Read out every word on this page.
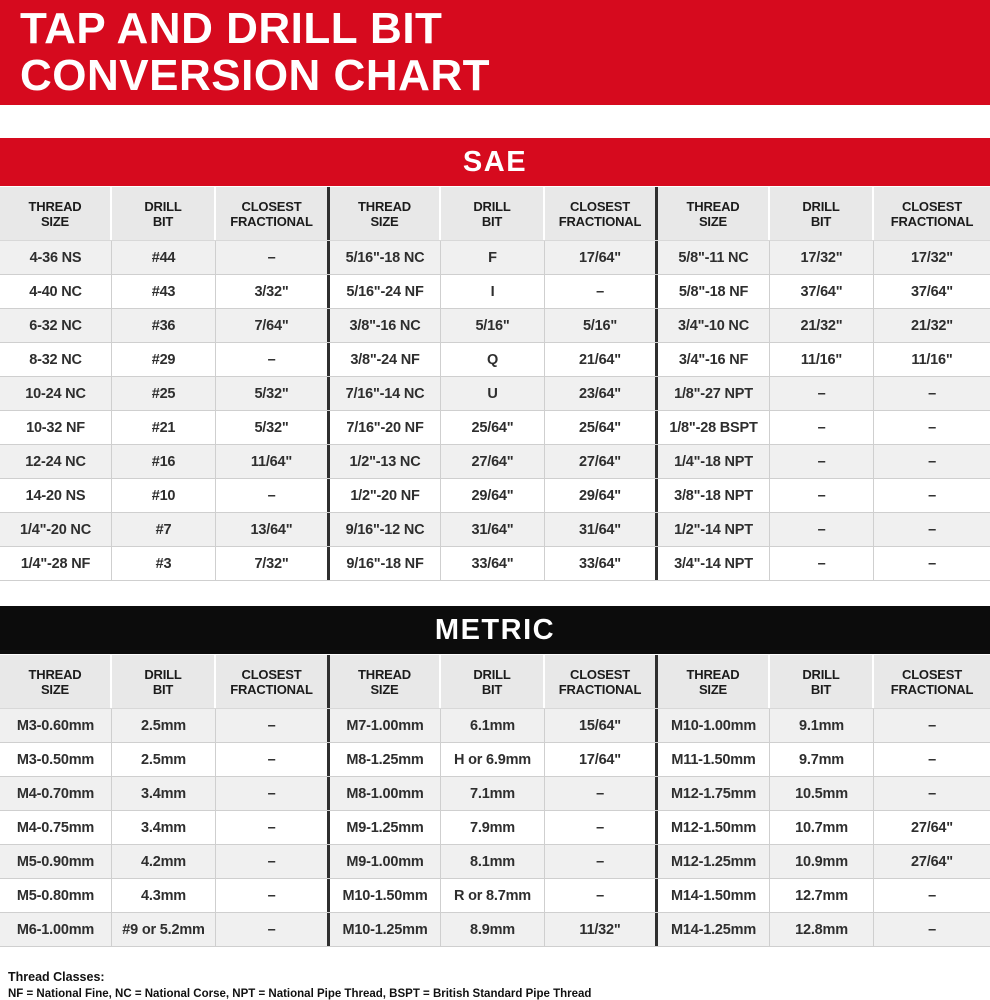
TAP AND DRILL BIT
CONVERSION CHART
SAE
THREAD
SIZE
DRILL
BIT
CLOSEST
FRACTIONAL
THREAD
SIZE
DRILL
BIT
CLOSEST
FRACTIONAL
THREAD
SIZE
DRILL
BIT
CLOSEST
FRACTIONAL
4-36 NS	#44	–	5/16"-18 NC	F	17/64"	5/8"-11 NC	17/32"	17/32"
4-40 NC	#43	3/32"	5/16"-24 NF	I	–	5/8"-18 NF	37/64"	37/64"
6-32 NC	#36	7/64"	3/8"-16 NC	5/16"	5/16"	3/4"-10 NC	21/32"	21/32"
8-32 NC	#29	–	3/8"-24 NF	Q	21/64"	3/4"-16 NF	11/16"	11/16"
10-24 NC	#25	5/32"	7/16"-14 NC	U	23/64"	1/8"-27 NPT	–	–
10-32 NF	#21	5/32"	7/16"-20 NF	25/64"	25/64"	1/8"-28 BSPT	–	–
12-24 NC	#16	11/64"	1/2"-13 NC	27/64"	27/64"	1/4"-18 NPT	–	–
14-20 NS	#10	–	1/2"-20 NF	29/64"	29/64"	3/8"-18 NPT	–	–
1/4"-20 NC	#7	13/64"	9/16"-12 NC	31/64"	31/64"	1/2"-14 NPT	–	–
1/4"-28 NF	#3	7/32"	9/16"-18 NF	33/64"	33/64"	3/4"-14 NPT	–	–
METRIC
THREAD
SIZE
DRILL
BIT
CLOSEST
FRACTIONAL
THREAD
SIZE
DRILL
BIT
CLOSEST
FRACTIONAL
THREAD
SIZE
DRILL
BIT
CLOSEST
FRACTIONAL
M3-0.60mm	2.5mm	–	M7-1.00mm	6.1mm	15/64"	M10-1.00mm	9.1mm	–
M3-0.50mm	2.5mm	–	M8-1.25mm	H or 6.9mm	17/64"	M11-1.50mm	9.7mm	–
M4-0.70mm	3.4mm	–	M8-1.00mm	7.1mm	–	M12-1.75mm	10.5mm	–
M4-0.75mm	3.4mm	–	M9-1.25mm	7.9mm	–	M12-1.50mm	10.7mm	27/64"
M5-0.90mm	4.2mm	–	M9-1.00mm	8.1mm	–	M12-1.25mm	10.9mm	27/64"
M5-0.80mm	4.3mm	–	M10-1.50mm	R or 8.7mm	–	M14-1.50mm	12.7mm	–
M6-1.00mm	#9 or 5.2mm	–	M10-1.25mm	8.9mm	11/32"	M14-1.25mm	12.8mm	–
Thread Classes:
NF = National Fine, NC = National Corse, NPT = National Pipe Thread, BSPT = British Standard Pipe Thread
